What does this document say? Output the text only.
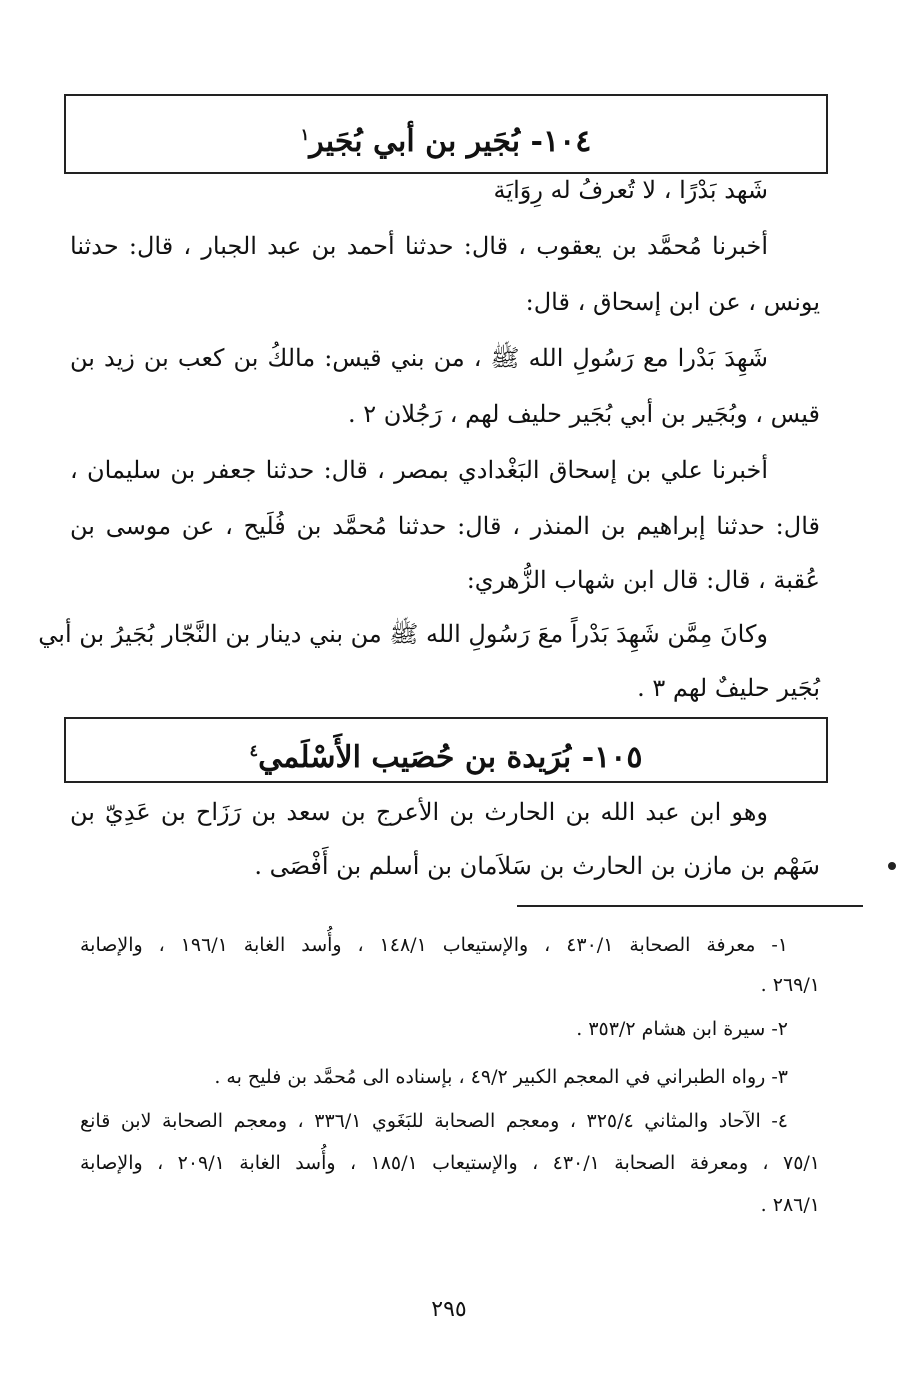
١٠٤- بُجَير بن أبي بُجَير$^١$
شَهد بَدْرًا ، لا تُعرفُ له رِوَايَة
أخبرنا مُحمَّد بن يعقوب ، قال: حدثنا أحمد بن عبد الجبار ، قال: حدثنا
يونس ، عن ابن إسحاق ، قال:
شَهِدَ بَدْرا مع رَسُولِ الله ﷺ ، من بني قيس: مالكُ بن كعب بن زيد بن
قيس ، وبُجَير بن أبي بُجَير حليف لهم ، رَجُلان ٢ .
أخبرنا علي بن إسحاق البَغْدادي بمصر ، قال: حدثنا جعفر بن سليمان ،
قال: حدثنا إبراهيم بن المنذر ، قال: حدثنا مُحمَّد بن فُلَيح ، عن موسى بن
عُقبة ، قال: قال ابن شهاب الزُّهري:
وكانَ مِمَّن شَهِدَ بَدْراً معَ رَسُولِ الله ﷺ من بني دينار بن النَّجّار بُجَيرُ بن أبي
بُجَير حليفٌ لهم ٣ .
١٠٥- بُرَيدة بن حُصَيب الأَسْلَمي$^٤$
وهو ابن عبد الله بن الحارث بن الأعرج بن سعد بن رَزَاح بن عَدِيّ بن
سَهْم بن مازن بن الحارث بن سَلاَمان بن أسلم بن أَفْصَى .
١- معرفة الصحابة ٤٣٠/١ ، والإستيعاب ١٤٨/١ ، وأُسد الغابة ١٩٦/١ ، والإصابة
٢٦٩/١ .
٢- سيرة ابن هشام ٣٥٣/٢ .
٣- رواه الطبراني في المعجم الكبير ٤٩/٢ ، بإسناده الى مُحمَّد بن فليح به .
٤- الآحاد والمثاني ٣٢٥/٤ ، ومعجم الصحابة للبَغَوي ٣٣٦/١ ، ومعجم الصحابة لابن قانع
٧٥/١ ، ومعرفة الصحابة ٤٣٠/١ ، والإستيعاب ١٨٥/١ ، وأُسد الغابة ٢٠٩/١ ، والإصابة
٢٨٦/١ .
٢٩٥
